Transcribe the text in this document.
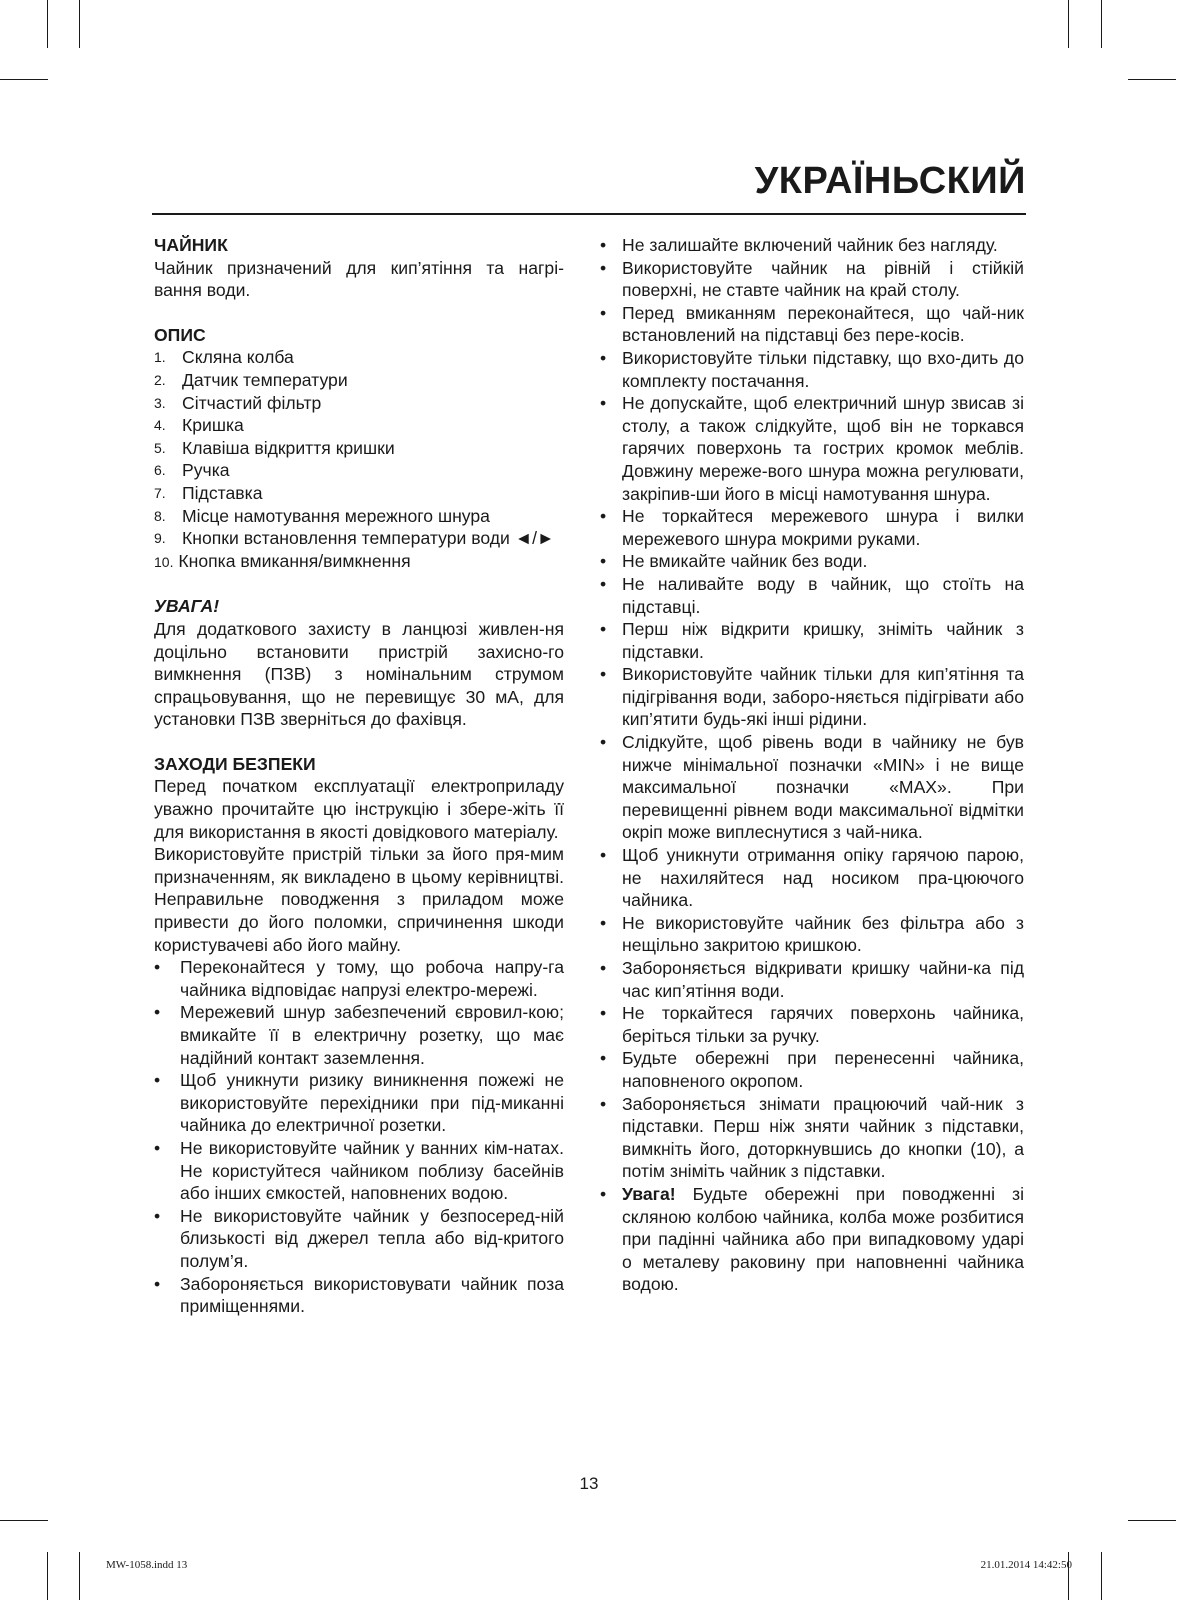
УКРАЇНЬСКИЙ

ЧАЙНИК

Чайник призначений для кип’ятіння та нагрі-вання води.

ОПИС

1. Скляна колба
2. Датчик температури
3. Сітчастий фільтр
4. Кришка
5. Клавіша відкриття кришки
6. Ручка
7. Підставка
8. Місце намотування мережного шнура
9. Кнопки встановлення температури води ◄/►
10. Кнопка вмикання/вимкнення

УВАГА!

Для додаткового захисту в ланцюзі живлен-ня доцільно встановити пристрій захисно-го вимкнення (ПЗВ) з номінальним струмом спрацьовування, що не перевищує 30 мА, для установки ПЗВ зверніться до фахівця.

ЗАХОДИ БЕЗПЕКИ

Перед початком експлуатації електроприладу уважно прочитайте цю інструкцію і збере-жіть її для використання в якості довідкового матеріалу.

Використовуйте пристрій тільки за його пря-мим призначенням, як викладено в цьому керівництві. Неправильне поводження з приладом може привести до його поломки, спричинення шкоди користувачеві або його майну.

• Переконайтеся у тому, що робоча напру-га чайника відповідає напрузі електро-мережі.
• Мережевий шнур забезпечений євровил-кою; вмикайте її в електричну розетку, що має надійний контакт заземлення.
• Щоб уникнути ризику виникнення пожежі не використовуйте перехідники при під-миканні чайника до електричної розетки.
• Не використовуйте чайник у ванних кім-натах. Не користуйтеся чайником поблизу басейнів або інших ємкостей, наповнених водою.
• Не використовуйте чайник у безпосеред-ній близькості від джерел тепла або від-критого полум’я.
• Забороняється використовувати чайник поза приміщеннями.
• Не залишайте включений чайник без нагляду.
• Використовуйте чайник на рівній і стійкій поверхні, не ставте чайник на край столу.
• Перед вмиканням переконайтеся, що чай-ник встановлений на підставці без пере-косів.
• Використовуйте тільки підставку, що вхо-дить до комплекту постачання.
• Не допускайте, щоб електричний шнур звисав зі столу, а також слідкуйте, щоб він не торкався гарячих поверхонь та гострих кромок меблів. Довжину мереже-вого шнура можна регулювати, закріпив-ши його в місці намотування шнура.
• Не торкайтеся мережевого шнура і вилки мережевого шнура мокрими руками.
• Не вмикайте чайник без води.
• Не наливайте воду в чайник, що стоїть на підставці.
• Перш ніж відкрити кришку, зніміть чайник з підставки.
• Використовуйте чайник тільки для кип’ятіння та підігрівання води, заборо-няється підігрівати або кип’ятити будь-які інші рідини.
• Слідкуйте, щоб рівень води в чайнику не був нижче мінімальної позначки «MIN» і не вище максимальної позначки «MAX». При перевищенні рівнем води максимальної відмітки окріп може виплеснутися з чай-ника.
• Щоб уникнути отримання опіку гарячою парою, не нахиляйтеся над носиком пра-цюючого чайника.
• Не використовуйте чайник без фільтра або з нещільно закритою кришкою.
• Забороняється відкривати кришку чайни-ка під час кип’ятіння води.
• Не торкайтеся гарячих поверхонь чайника, беріться тільки за ручку.
• Будьте обережні при перенесенні чайника, наповненого окропом.
• Забороняється знімати працюючий чай-ник з підставки. Перш ніж зняти чайник з підставки, вимкніть його, доторкнувшись до кнопки (10), а потім зніміть чайник з підставки.
• Увага! Будьте обережні при поводженні зі скляною колбою чайника, колба може розбитися при падінні чайника або при випадковому ударі о металеву раковину при наповненні чайника водою.
13
MW-1058.indd 13	21.01.2014 14:42:50
